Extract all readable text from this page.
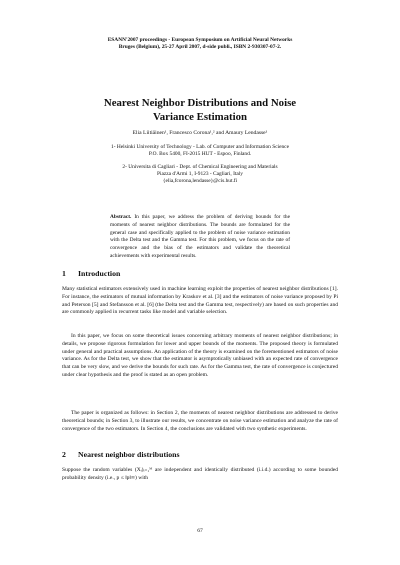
ESANN'2007 proceedings - European Symposium on Artificial Neural Networks
Bruges (Belgium), 25-27 April 2007, d-side publi., ISBN 2-930307-07-2.
Nearest Neighbor Distributions and Noise
Variance Estimation
Elia Liitiäinen¹, Francesco Corona¹,² and Amaury Lendasse¹
1- Helsinki University of Technology - Lab. of Computer and Information Science
P.O. Box 5400, FI-2015 HUT - Espoo, Finland.
2- Universita di Cagliari - Dept. of Chemical Engineering and Materials
Piazza d'Armi 1, I-9123 - Cagliari, Italy
{elia,fcorona,lendasse}@cis.hut.fi
Abstract. In this paper, we address the problem of deriving bounds for the moments of nearest neighbor distributions. The bounds are formulated for the general case and specifically applied to the problem of noise variance estimation with the Delta test and the Gamma test. For this problem, we focus on the rate of convergence and the bias of the estimators and validate the theoretical achievements with experimental results.
1 Introduction
Many statistical estimators extensively used in machine learning exploit the properties of nearest neighbor distributions [1]. For instance, the estimators of mutual information by Kraskov et al. [3] and the estimators of noise variance proposed by Pi and Peterson [5] and Stefansson et al. [6] (the Delta test and the Gamma test, respectively) are based on such properties and are commonly applied in recurrent tasks like model and variable selection.
In this paper, we focus on some theoretical issues concerning arbitrary moments of nearest neighbor distributions; in details, we propose rigorous formulation for lower and upper bounds of the moments. The proposed theory is formulated under general and practical assumptions. An application of the theory is examined on the forementioned estimators of noise variance. As for the Delta test, we show that the estimator is asymptotically unbiased with an expected rate of convergence that can be very slow, and we derive the bounds for such rate. As for the Gamma test, the rate of convergence is conjectured under clear hypothesis and the proof is stated as an open problem.
The paper is organized as follows: in Section 2, the moments of nearest neighbor distributions are addressed to derive theoretical bounds; in Section 3, to illustrate our results, we concentrate on noise variance estimation and analyze the rate of convergence of the two estimators. In Section 4, the conclusions are validated with two synthetic experiments.
2 Nearest neighbor distributions
Suppose the random variables (Xᵢ)ᵢ₌₁ᴹ are independent and identically distributed (i.i.d.) according to some bounded probability density (i.e., p ≤ ‖p‖∞) with
67
